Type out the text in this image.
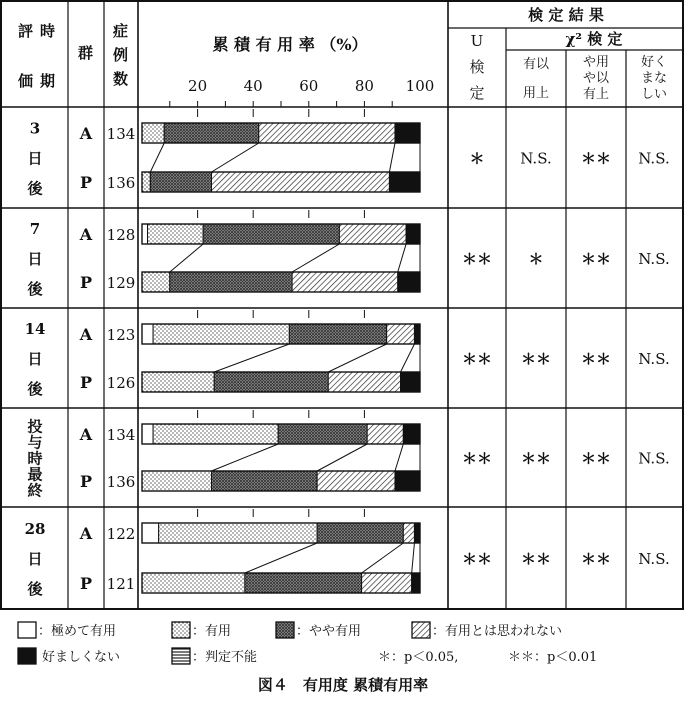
評 時
価 期
群
症
例
数
累 積 有 用 率 （%）
検 定 結 果
U
検
定
χ² 検 定
有以
用上
や用
や以
有上
好く
まな
しい
20 40 60 80 100
3
日
後
A 134
P 136
＊ N.S. ＊＊ N.S.
7
日
後
A 128
P 129
＊＊ ＊ ＊＊ N.S.
14
日
後
A 123
P 126
＊＊ ＊＊ ＊＊ N.S.
投
与
時
最
終
A 134
P 136
＊＊ ＊＊ ＊＊ N.S.
28
日
後
A 122
P 121
＊＊ ＊＊ ＊＊ N.S.
：極めて有用	：有用	：やや有用	：有用とは思われない
好ましくない	：判定不能	＊：p＜0.05,	＊＊：p＜0.01
図４　有用度 累積有用率
